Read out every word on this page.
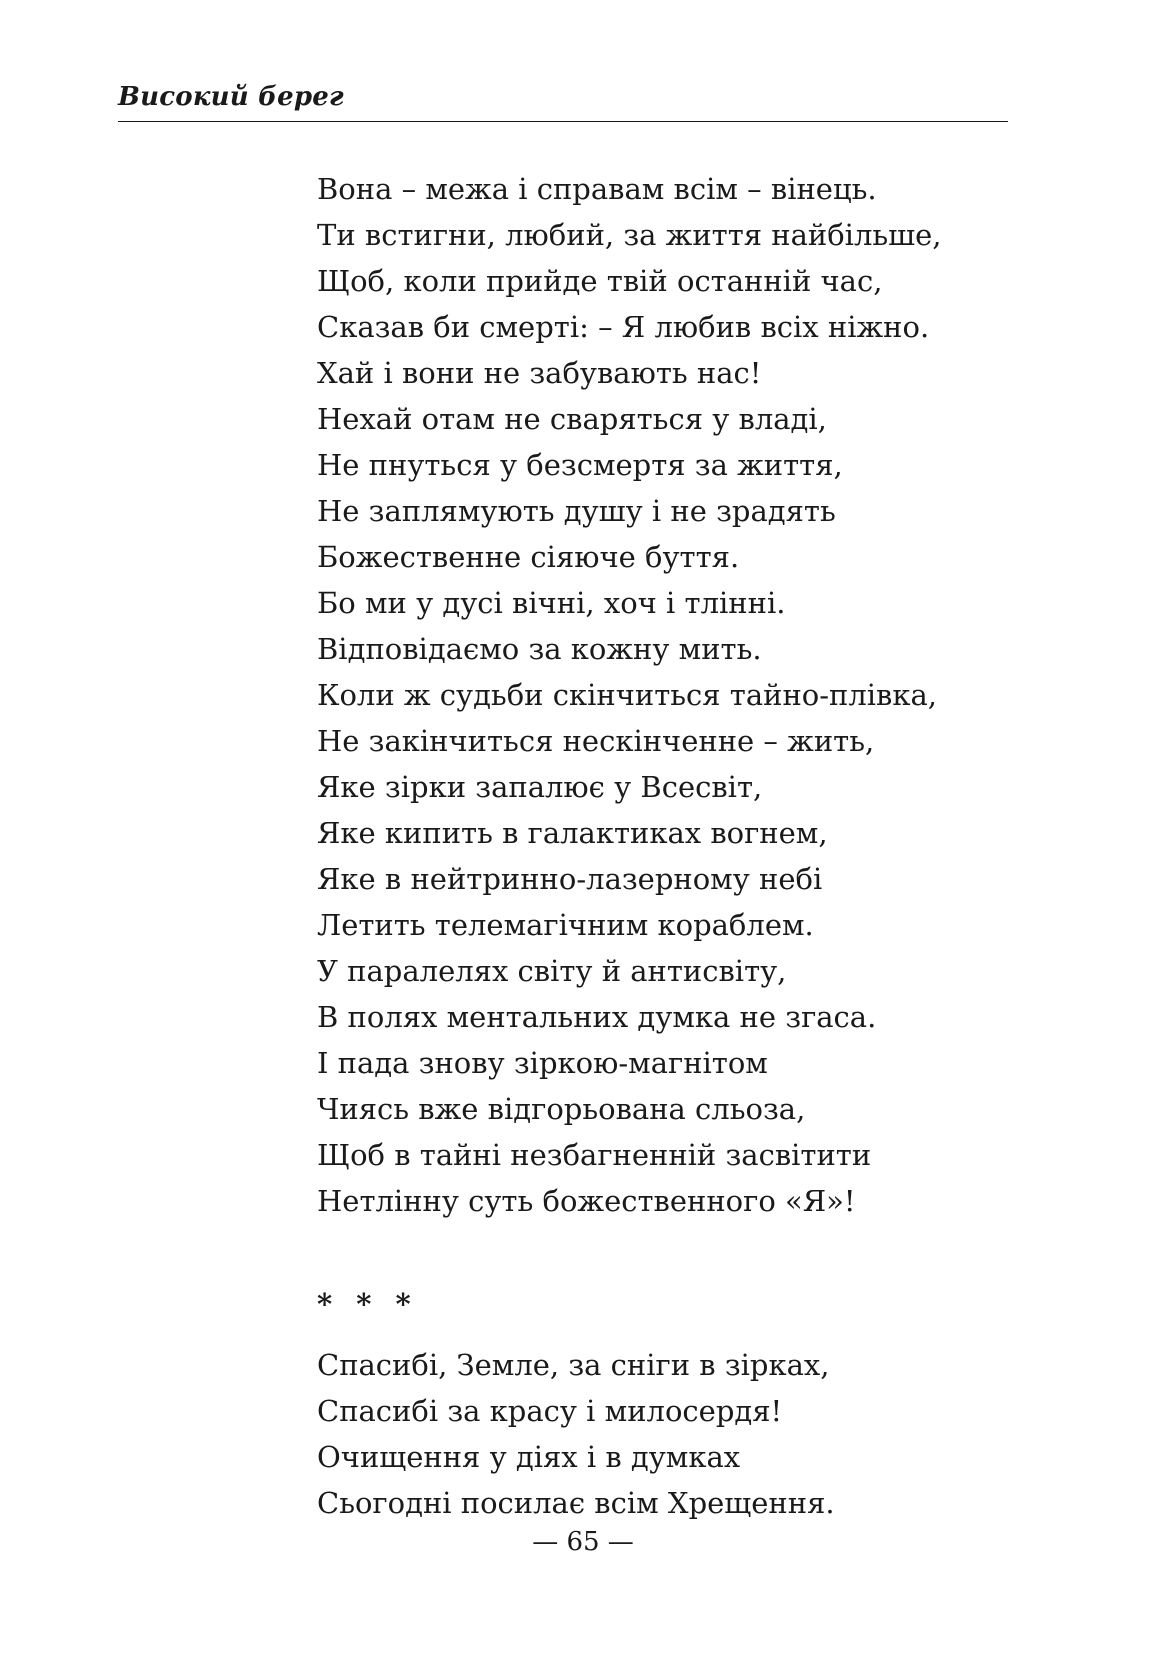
Високий берег
Вона – межа і справам всім – вінець.
Ти встигни, любий, за життя найбільше,
Щоб, коли прийде твій останній час,
Сказав би смерті: – Я любив всіх ніжно.
Хай і вони не забувають нас!
Нехай отам не сваряться у владі,
Не пнуться у безсмертя за життя,
Не заплямують душу і не зрадять
Божественне сіяюче буття.
Бо ми у дусі вічні, хоч і тлінні.
Відповідаємо за кожну мить.
Коли ж судьби скінчиться тайно-плівка,
Не закінчиться нескінченне – жить,
Яке зірки запалює у Всесвіт,
Яке кипить в галактиках вогнем,
Яке в нейтринно-лазерному небі
Летить телемагічним кораблем.
У паралелях світу й антисвіту,
В полях ментальних думка не згаса.
І пада знову зіркою-магнітом
Чиясь вже відгорьована сльоза,
Щоб в тайні незбагненній засвітити
Нетлінну суть божественного «Я»!
* * *
Спасибі, Земле, за сніги в зірках,
Спасибі за красу і милосердя!
Очищення у діях і в думках
Сьогодні посилає всім Хрещення.
— 65 —
